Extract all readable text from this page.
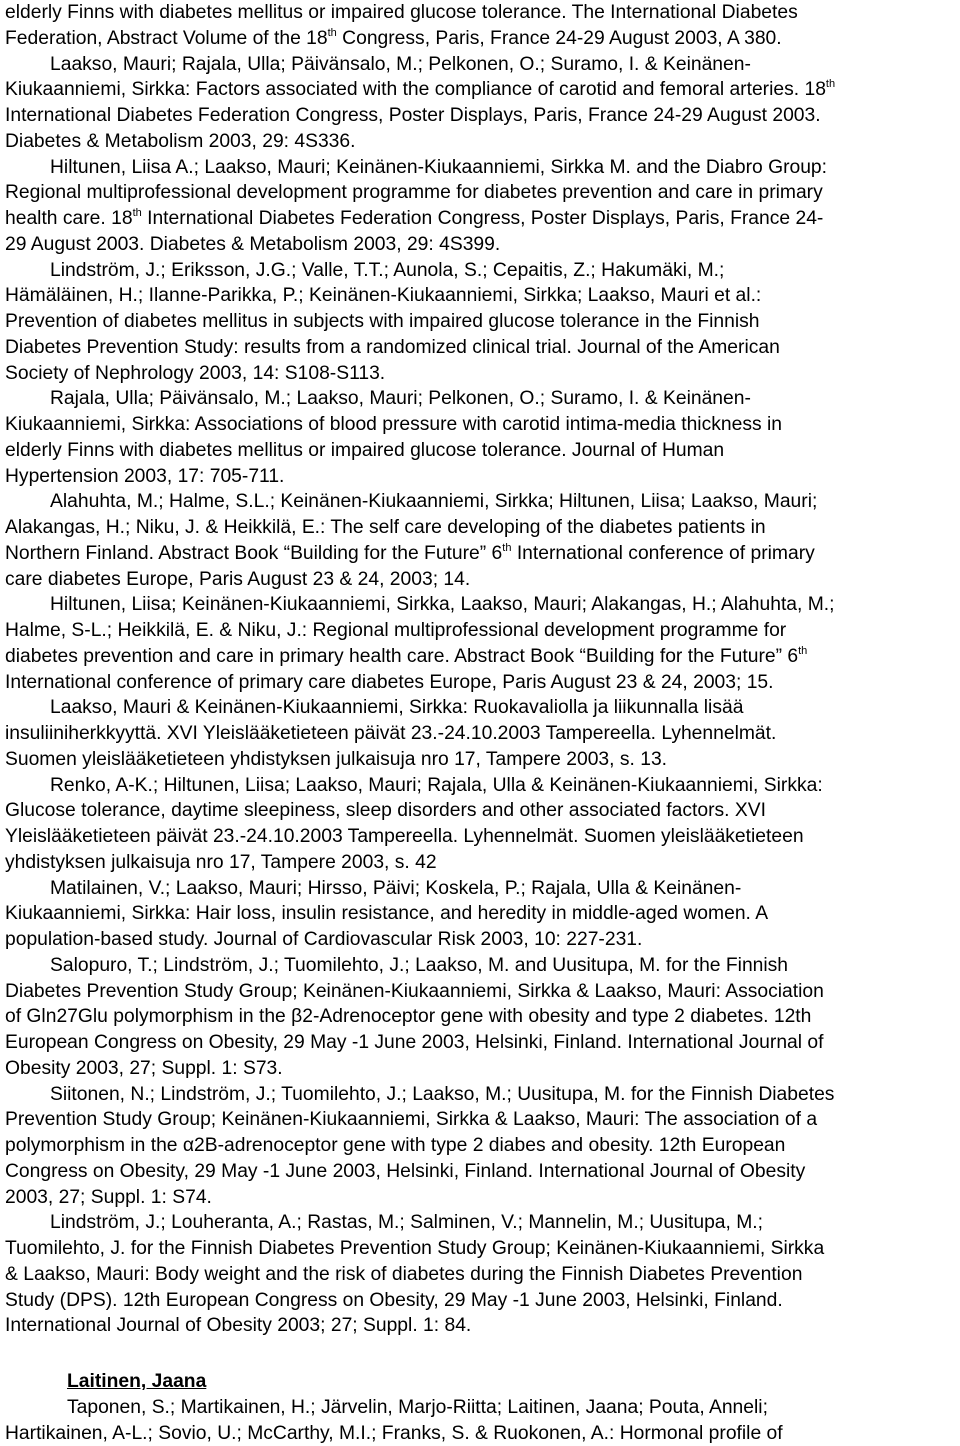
elderly Finns with diabetes mellitus or impaired glucose tolerance. The International Diabetes
Federation, Abstract Volume of the 18th Congress, Paris, France 24-29 August 2003, A 380.
Laakso, Mauri; Rajala, Ulla; Päivänsalo, M.; Pelkonen, O.; Suramo, I. & Keinänen-
Kiukaanniemi, Sirkka: Factors associated with the compliance of carotid and femoral arteries. 18th
International Diabetes Federation Congress, Poster Displays, Paris, France 24-29 August 2003.
Diabetes & Metabolism 2003, 29: 4S336.
Hiltunen, Liisa A.; Laakso, Mauri; Keinänen-Kiukaanniemi, Sirkka M. and the Diabro Group:
Regional multiprofessional development programme for diabetes prevention and care in primary
health care. 18th International Diabetes Federation Congress, Poster Displays, Paris, France 24-
29 August 2003. Diabetes & Metabolism 2003, 29: 4S399.
Lindström, J.; Eriksson, J.G.; Valle, T.T.; Aunola, S.; Cepaitis, Z.; Hakumäki, M.;
Hämäläinen, H.; Ilanne-Parikka, P.; Keinänen-Kiukaanniemi, Sirkka; Laakso, Mauri et al.:
Prevention of diabetes mellitus in subjects with impaired glucose tolerance in the Finnish
Diabetes Prevention Study: results from a randomized clinical trial. Journal of the American
Society of Nephrology 2003, 14: S108-S113.
Rajala, Ulla; Päivänsalo, M.; Laakso, Mauri; Pelkonen, O.; Suramo, I. & Keinänen-
Kiukaanniemi, Sirkka: Associations of blood pressure with carotid intima-media thickness in
elderly Finns with diabetes mellitus or impaired glucose tolerance. Journal of Human
Hypertension 2003, 17: 705-711.
Alahuhta, M.; Halme, S.L.; Keinänen-Kiukaanniemi, Sirkka; Hiltunen, Liisa; Laakso, Mauri;
Alakangas, H.; Niku, J. & Heikkilä, E.: The self care developing of the diabetes patients in
Northern Finland. Abstract Book “Building for the Future” 6th International conference of primary
care diabetes Europe, Paris August 23 & 24, 2003; 14.
Hiltunen, Liisa; Keinänen-Kiukaanniemi, Sirkka, Laakso, Mauri; Alakangas, H.; Alahuhta, M.;
Halme, S-L.; Heikkilä, E. & Niku, J.: Regional multiprofessional development programme for
diabetes prevention and care in primary health care. Abstract Book “Building for the Future” 6th
International conference of primary care diabetes Europe, Paris August 23 & 24, 2003; 15.
Laakso, Mauri & Keinänen-Kiukaanniemi, Sirkka: Ruokavaliolla ja liikunnalla lisää
insuliiniherkkyyttä. XVI Yleislääketieteen päivät 23.-24.10.2003 Tampereella. Lyhennelmät.
Suomen yleislääketieteen yhdistyksen julkaisuja nro 17, Tampere 2003, s. 13.
Renko, A-K.; Hiltunen, Liisa; Laakso, Mauri; Rajala, Ulla & Keinänen-Kiukaanniemi, Sirkka:
Glucose tolerance, daytime sleepiness, sleep disorders and other associated factors. XVI
Yleislääketieteen päivät 23.-24.10.2003 Tampereella. Lyhennelmät. Suomen yleislääketieteen
yhdistyksen julkaisuja nro 17, Tampere 2003, s. 42
Matilainen, V.; Laakso, Mauri; Hirsso, Päivi; Koskela, P.; Rajala, Ulla & Keinänen-
Kiukaanniemi, Sirkka: Hair loss, insulin resistance, and heredity in middle-aged women. A
population-based study. Journal of Cardiovascular Risk 2003, 10: 227-231.
Salopuro, T.; Lindström, J.; Tuomilehto, J.; Laakso, M. and Uusitupa, M. for the Finnish
Diabetes Prevention Study Group; Keinänen-Kiukaanniemi, Sirkka & Laakso, Mauri: Association
of Gln27Glu polymorphism in the β2-Adrenoceptor gene with obesity and type 2 diabetes. 12th
European Congress on Obesity, 29 May -1 June 2003, Helsinki, Finland. International Journal of
Obesity 2003, 27; Suppl. 1: S73.
Siitonen, N.; Lindström, J.; Tuomilehto, J.; Laakso, M.; Uusitupa, M. for the Finnish Diabetes
Prevention Study Group; Keinänen-Kiukaanniemi, Sirkka & Laakso, Mauri: The association of a
polymorphism in the α2B-adrenoceptor gene with type 2 diabes and obesity. 12th European
Congress on Obesity, 29 May -1 June 2003, Helsinki, Finland. International Journal of Obesity
2003, 27; Suppl. 1: S74.
Lindström, J.; Louheranta, A.; Rastas, M.; Salminen, V.; Mannelin, M.; Uusitupa, M.;
Tuomilehto, J. for the Finnish Diabetes Prevention Study Group; Keinänen-Kiukaanniemi, Sirkka
& Laakso, Mauri: Body weight and the risk of diabetes during the Finnish Diabetes Prevention
Study (DPS). 12th European Congress on Obesity, 29 May -1 June 2003, Helsinki, Finland.
International Journal of Obesity 2003; 27; Suppl. 1: 84.
Laitinen, Jaana
Taponen, S.; Martikainen, H.; Järvelin, Marjo-Riitta; Laitinen, Jaana; Pouta, Anneli;
Hartikainen, A-L.; Sovio, U.; McCarthy, M.I.; Franks, S. & Ruokonen, A.: Hormonal profile of
